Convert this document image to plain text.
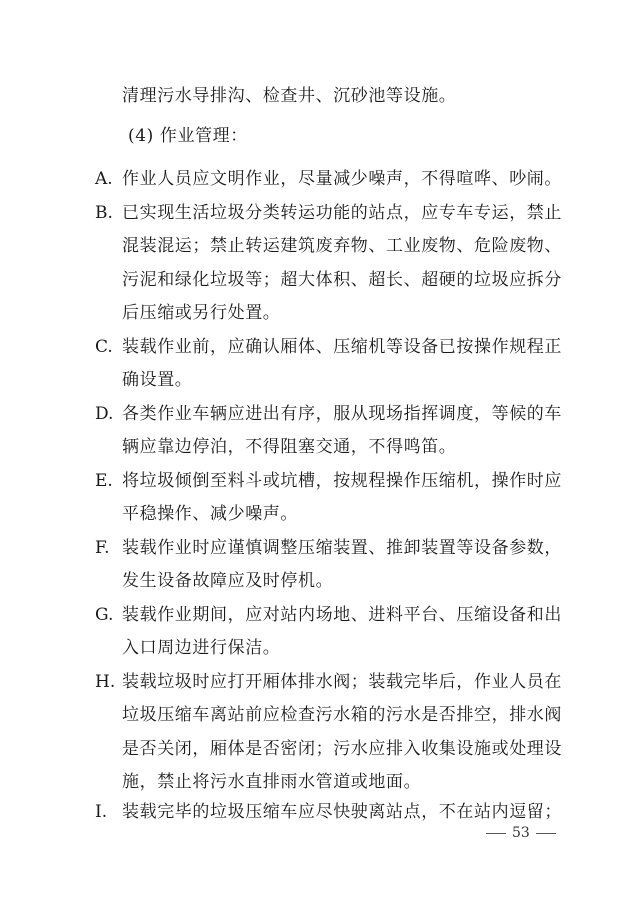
清理污水导排沟、检查井、沉砂池等设施。
(4) 作业管理：
A. 作业人员应文明作业，尽量减少噪声，不得喧哗、吵闹。
B. 已实现生活垃圾分类转运功能的站点，应专车专运，禁止
混装混运；禁止转运建筑废弃物、工业废物、危险废物、
污泥和绿化垃圾等；超大体积、超长、超硬的垃圾应拆分
后压缩或另行处置。
C. 装载作业前，应确认厢体、压缩机等设备已按操作规程正
确设置。
D. 各类作业车辆应进出有序，服从现场指挥调度，等候的车
辆应靠边停泊，不得阻塞交通，不得鸣笛。
E. 将垃圾倾倒至料斗或坑槽，按规程操作压缩机，操作时应
平稳操作、减少噪声。
F. 装载作业时应谨慎调整压缩装置、推卸装置等设备参数，
发生设备故障应及时停机。
G. 装载作业期间，应对站内场地、进料平台、压缩设备和出
入口周边进行保洁。
H. 装载垃圾时应打开厢体排水阀；装载完毕后，作业人员在
垃圾压缩车离站前应检查污水箱的污水是否排空，排水阀
是否关闭，厢体是否密闭；污水应排入收集设施或处理设
施，禁止将污水直排雨水管道或地面。
I. 装载完毕的垃圾压缩车应尽快驶离站点，不在站内逗留；
53
